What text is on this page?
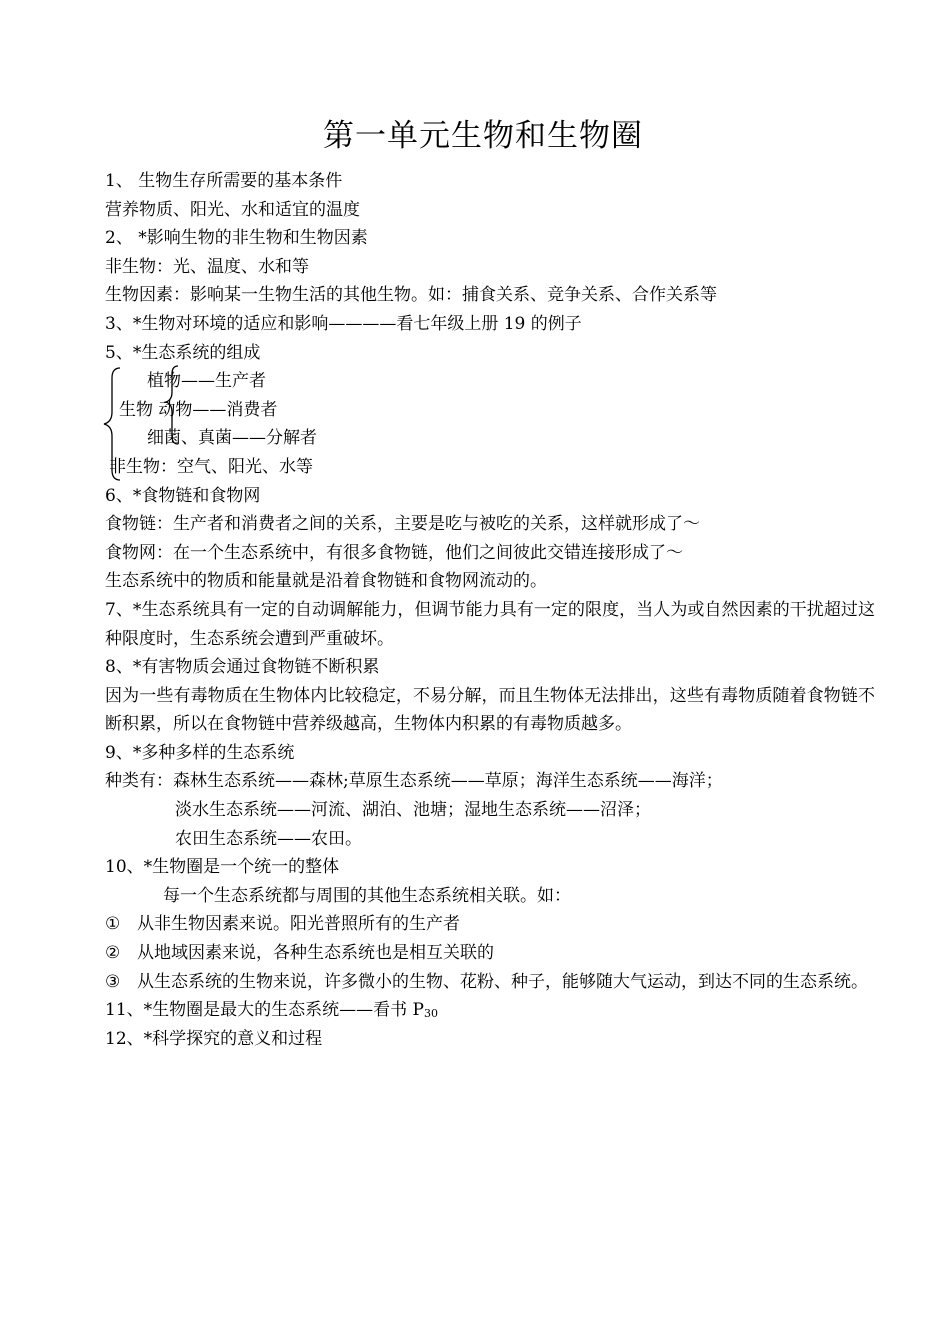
第一单元生物和生物圈
1、 生物生存所需要的基本条件
营养物质、阳光、水和适宜的温度
2、 *影响生物的非生物和生物因素
非生物：光、温度、水和等
生物因素：影响某一生物生活的其他生物。如：捕食关系、竞争关系、合作关系等
3、*生物对环境的适应和影响————看七年级上册 19 的例子
5、*生态系统的组成
植物——生产者
生物 动物——消费者
细菌、真菌——分解者
非生物：空气、阳光、水等
6、*食物链和食物网
食物链：生产者和消费者之间的关系，主要是吃与被吃的关系，这样就形成了～
食物网：在一个生态系统中，有很多食物链，他们之间彼此交错连接形成了～
生态系统中的物质和能量就是沿着食物链和食物网流动的。
7、*生态系统具有一定的自动调解能力，但调节能力具有一定的限度，当人为或自然因素的干扰超过这种限度时，生态系统会遭到严重破坏。
8、*有害物质会通过食物链不断积累
因为一些有毒物质在生物体内比较稳定，不易分解，而且生物体无法排出，这些有毒物质随着食物链不断积累，所以在食物链中营养级越高，生物体内积累的有毒物质越多。
9、*多种多样的生态系统
种类有：森林生态系统——森林;草原生态系统——草原；海洋生态系统——海洋；
淡水生态系统——河流、湖泊、池塘；湿地生态系统——沼泽；
农田生态系统——农田。
10、*生物圈是一个统一的整体
每一个生态系统都与周围的其他生态系统相关联。如：
① 从非生物因素来说。阳光普照所有的生产者
② 从地域因素来说，各种生态系统也是相互关联的
③ 从生态系统的生物来说，许多微小的生物、花粉、种子，能够随大气运动，到达不同的生态系统。
11、*生物圈是最大的生态系统——看书 $P_{30}$
12、*科学探究的意义和过程
